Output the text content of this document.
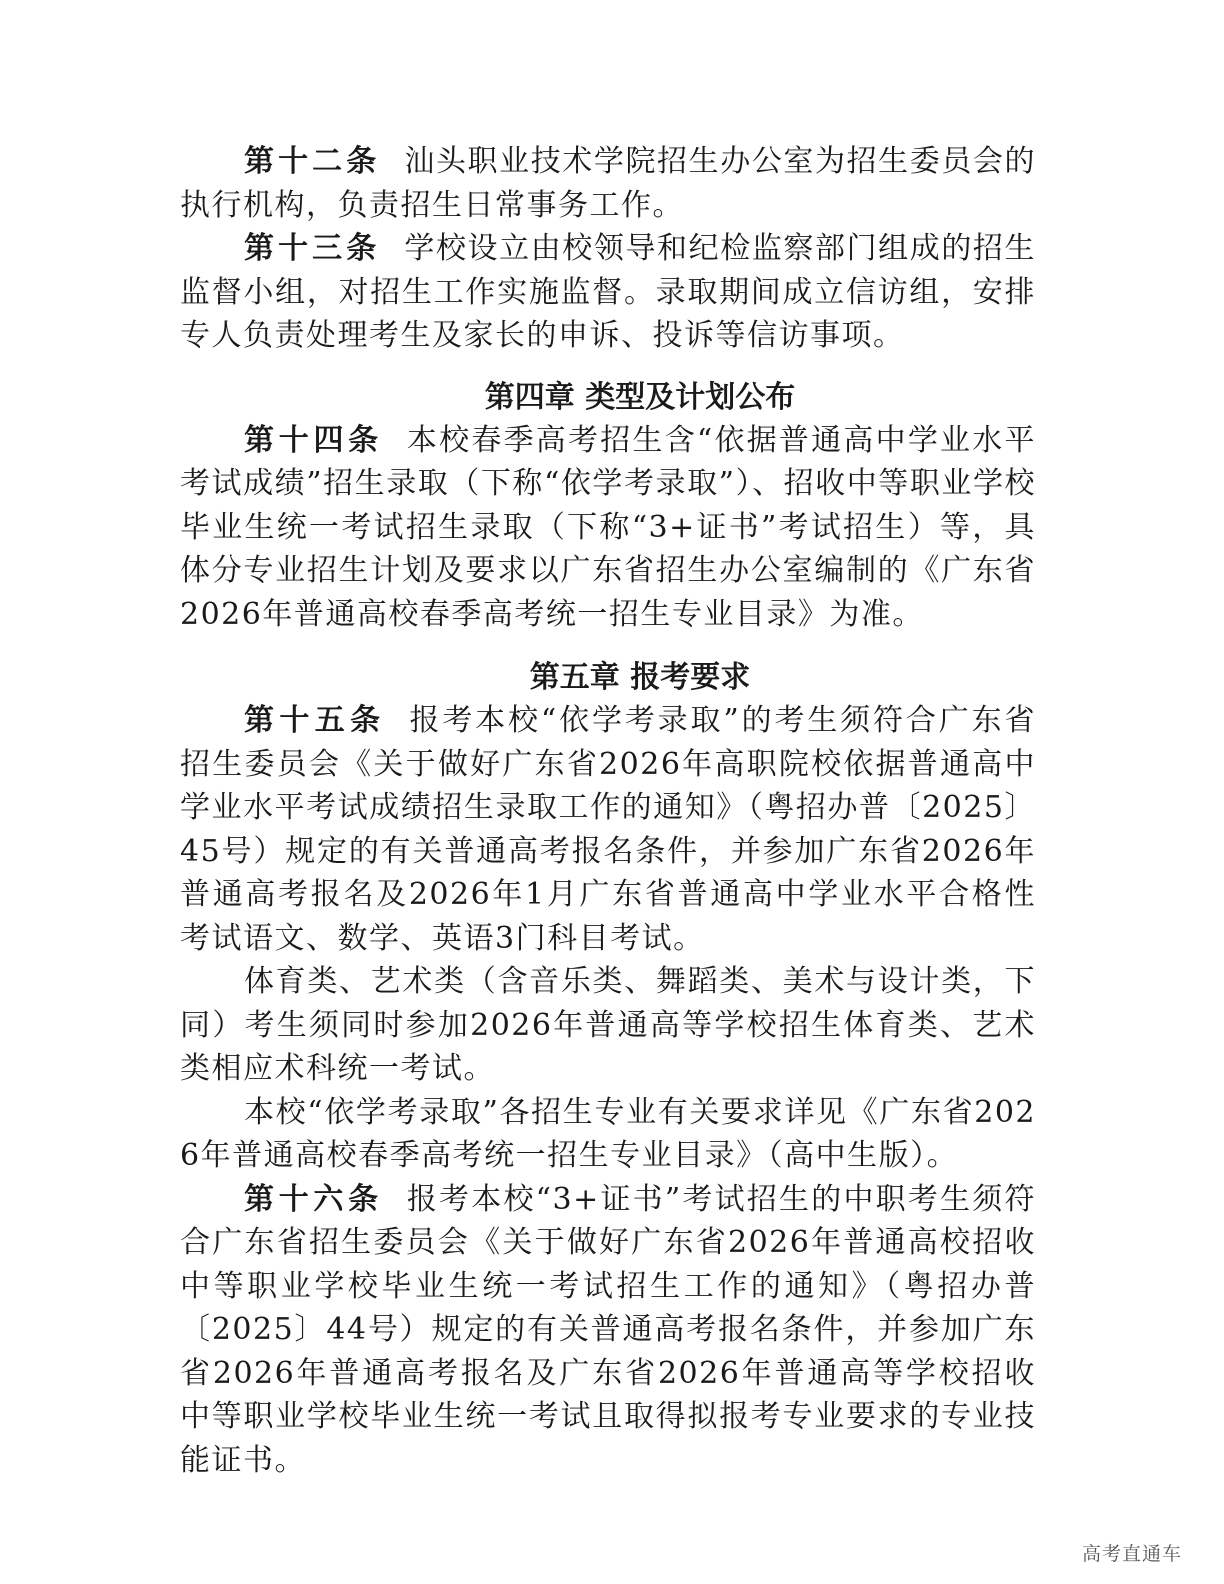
第十二条 汕头职业技术学院招生办公室为招生委员会的执行机构，负责招生日常事务工作。

第十三条 学校设立由校领导和纪检监察部门组成的招生监督小组，对招生工作实施监督。录取期间成立信访组，安排专人负责处理考生及家长的申诉、投诉等信访事项。

第四章 类型及计划公布

第十四条 本校春季高考招生含“依据普通高中学业水平考试成绩”招生录取（下称“依学考录取”）、招收中等职业学校毕业生统一考试招生录取（下称“3+证书”考试招生）等，具体分专业招生计划及要求以广东省招生办公室编制的《广东省2026年普通高校春季高考统一招生专业目录》为准。

第五章 报考要求

第十五条 报考本校“依学考录取”的考生须符合广东省招生委员会《关于做好广东省2026年高职院校依据普通高中学业水平考试成绩招生录取工作的通知》（粤招办普〔2025〕45号）规定的有关普通高考报名条件，并参加广东省2026年普通高考报名及2026年1月广东省普通高中学业水平合格性考试语文、数学、英语3门科目考试。

体育类、艺术类（含音乐类、舞蹈类、美术与设计类，下同）考生须同时参加2026年普通高等学校招生体育类、艺术类相应术科统一考试。

本校“依学考录取”各招生专业有关要求详见《广东省2026年普通高校春季高考统一招生专业目录》（高中生版）。

第十六条 报考本校“3+证书”考试招生的中职考生须符合广东省招生委员会《关于做好广东省2026年普通高校招收中等职业学校毕业生统一考试招生工作的通知》（粤招办普〔2025〕44号）规定的有关普通高考报名条件，并参加广东省2026年普通高考报名及广东省2026年普通高等学校招收中等职业学校毕业生统一考试且取得拟报考专业要求的专业技能证书。

高考直通车
